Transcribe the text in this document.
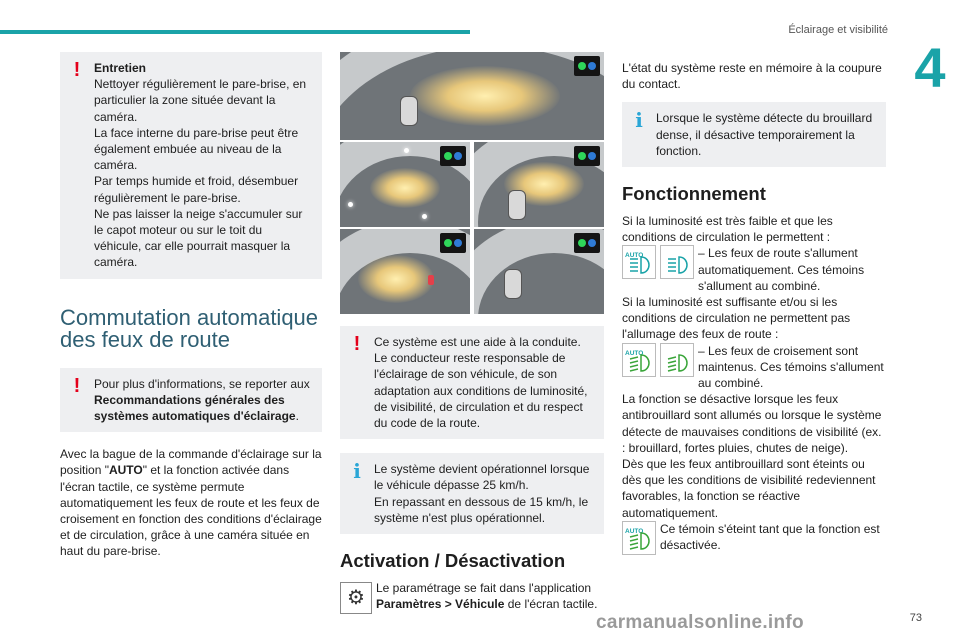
Éclairage et visibilité
4
!	Entretien

Nettoyer régulièrement le pare-brise, en particulier la zone située devant la caméra.

La face interne du pare-brise peut être également embuée au niveau de la caméra.

Par temps humide et froid, désembuer régulièrement le pare-brise.

Ne pas laisser la neige s'accumuler sur le capot moteur ou sur le toit du véhicule, car elle pourrait masquer la caméra.

Commutation automatique des feux de route
!	Pour plus d'informations, se reporter aux Recommandations générales des systèmes automatiques d'éclairage.

Avec la bague de la commande d'éclairage sur la position "AUTO" et la fonction activée dans l'écran tactile, ce système permute automatiquement les feux de route et les feux de croisement en fonction des conditions d'éclairage et de circulation, grâce à une caméra située en haut du pare-brise.

!	Ce système est une aide à la conduite. Le conducteur reste responsable de l'éclairage de son véhicule, de son adaptation aux conditions de luminosité, de visibilité, de circulation et du respect du code de la route.

i Le système devient opérationnel lorsque le véhicule dépasse 25 km/h.

En repassant en dessous de 15 km/h, le système n'est plus opérationnel.

Activation / Désactivation
⚙ Le paramétrage se fait dans l'application Paramètres > Véhicule de l'écran tactile.

L'état du système reste en mémoire à la coupure du contact.

i Lorsque le système détecte du brouillard dense, il désactive temporairement la fonction.

Fonctionnement

Si la luminosité est très faible et que les conditions de circulation le permettent :

AUTO	– Les feux de route s'allument automatiquement. Ces témoins s'allument au combiné.

Si la luminosité est suffisante et/ou si les conditions de circulation ne permettent pas l'allumage des feux de route :

AUTO	– Les feux de croisement sont maintenus. Ces témoins s'allument au combiné.

La fonction se désactive lorsque les feux antibrouillard sont allumés ou lorsque le système détecte de mauvaises conditions de visibilité (ex. : brouillard, fortes pluies, chutes de neige).

Dès que les feux antibrouillard sont éteints ou dès que les conditions de visibilité redeviennent favorables, la fonction se réactive automatiquement.

AUTO Ce témoin s'éteint tant que la fonction est désactivée.

carmanualsonline.info	73
